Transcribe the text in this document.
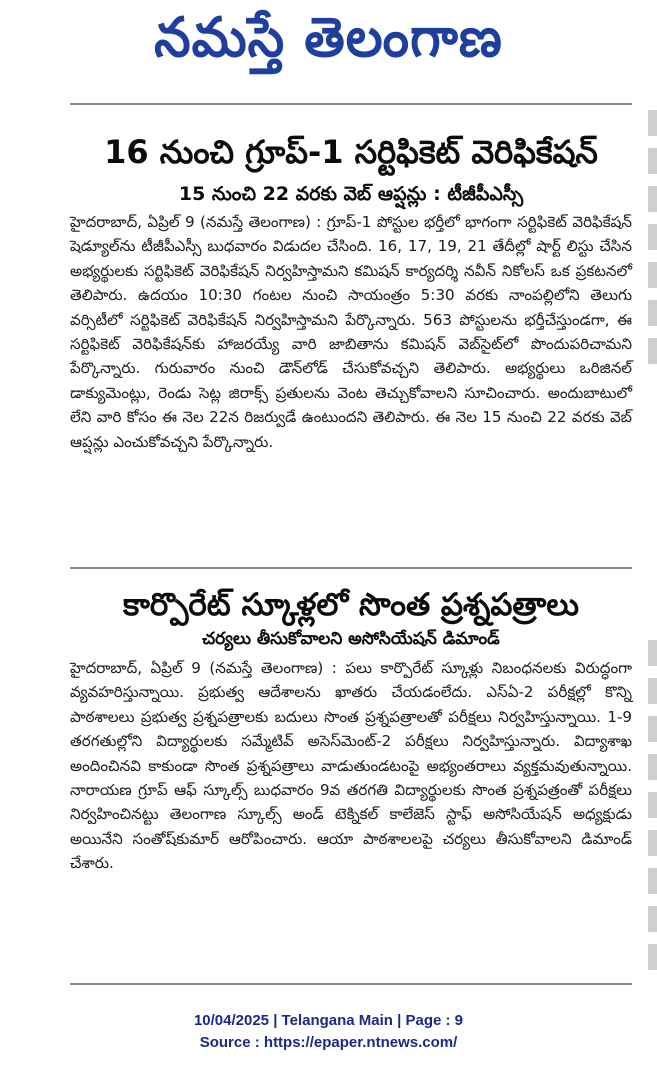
నమస్తే తెలంగాణ
16 నుంచి గ్రూప్-1 సర్టిఫికెట్ వెరిఫికేషన్
15 నుంచి 22 వరకు వెబ్ ఆప్షన్లు : టీజీపీఎస్సీ
హైదరాబాద్, ఏప్రిల్ 9 (నమస్తే తెలంగాణ) : గ్రూప్-1 పోస్టుల భర్తీలో భాగంగా సర్టిఫికెట్ వెరిఫికేషన్ షెడ్యూల్‌ను టీజీపీఎస్సీ బుధవారం విడుదల చేసింది. 16, 17, 19, 21 తేదీల్లో షార్ట్ లిస్టు చేసిన అభ్యర్థులకు సర్టిఫికెట్ వెరిఫికేషన్ నిర్వహిస్తామని కమిషన్ కార్యదర్శి నవీన్ నికోలస్ ఒక ప్రకటనలో తెలిపారు. ఉదయం 10:30 గంటల నుంచి సాయంత్రం 5:30 వరకు నాంపల్లిలోని తెలుగు వర్సిటీలో సర్టిఫికెట్ వెరిఫికేషన్ నిర్వహిస్తామని పేర్కొన్నారు. 563 పోస్టులను భర్తీచేస్తుండగా, ఈ సర్టిఫికెట్ వెరిఫికేషన్‌కు హాజరయ్యే వారి జాబితాను కమిషన్ వెబ్‌సైట్‌లో పొందుపరిచామని పేర్కొన్నారు. గురువారం నుంచి డౌన్‌లోడ్ చేసుకోవచ్చని తెలిపారు. అభ్యర్థులు ఒరిజినల్ డాక్యుమెంట్లు, రెండు సెట్ల జిరాక్స్ ప్రతులను వెంట తెచ్చుకోవాలని సూచించారు. అందుబాటులో లేని వారి కోసం ఈ నెల 22న రిజర్వుడే ఉంటుందని తెలిపారు. ఈ నెల 15 నుంచి 22 వరకు వెబ్ ఆప్షన్లు ఎంచుకోవచ్చని పేర్కొన్నారు.
కార్పొరేట్ స్కూళ్లలో సొంత ప్రశ్నపత్రాలు
చర్యలు తీసుకోవాలని అసోసియేషన్ డిమాండ్
హైదరాబాద్, ఏప్రిల్ 9 (నమస్తే తెలంగాణ) : పలు కార్పొరేట్ స్కూళ్లు నిబంధనలకు విరుద్ధంగా వ్యవహరిస్తున్నాయి. ప్రభుత్వ ఆదేశాలను ఖాతరు చేయడంలేదు. ఎస్‌ఏ-2 పరీక్షల్లో కొన్ని పాఠశాలలు ప్రభుత్వ ప్రశ్నపత్రాలకు బదులు సొంత ప్రశ్నపత్రాలతో పరీక్షలు నిర్వహిస్తున్నాయి. 1-9 తరగతుల్లోని విద్యార్థులకు సమ్మేటివ్ అసెస్‌మెంట్-2 పరీక్షలు నిర్వహిస్తున్నారు. విద్యాశాఖ అందించినవి కాకుండా సొంత ప్రశ్నపత్రాలు వాడుతుండటంపై అభ్యంతరాలు వ్యక్తమవుతున్నాయి. నారాయణ గ్రూప్ ఆఫ్ స్కూల్స్ బుధవారం 9వ తరగతి విద్యార్థులకు సొంత ప్రశ్నపత్రంతో పరీక్షలు నిర్వహించినట్టు తెలంగాణ స్కూల్స్ అండ్ టెక్నికల్ కాలేజెస్ స్టాఫ్ అసోసియేషన్ అధ్యక్షుడు అయినేని సంతోష్‌కుమార్ ఆరోపించారు. ఆయా పాఠశాలలపై చర్యలు తీసుకోవాలని డిమాండ్ చేశారు.
10/04/2025 | Telangana Main | Page : 9
Source : https://epaper.ntnews.com/
